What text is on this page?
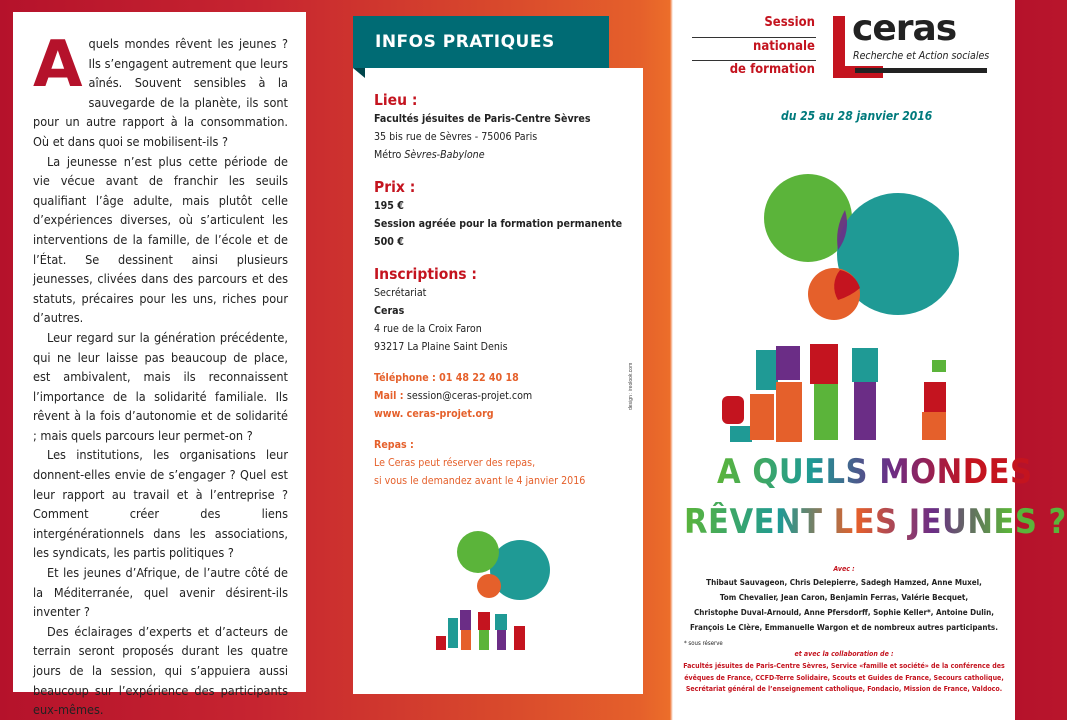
Aquels mondes rêvent les jeunes ? Ils s’engagent autrement que leurs aînés. Souvent sensibles à la sauvegarde de la planète, ils sont pour un autre rapport à la consommation. Où et dans quoi se mobilisent-ils ?

La jeunesse n’est plus cette période de vie vécue avant de franchir les seuils qualifiant l’âge adulte, mais plutôt celle d’expériences diverses, où s’articulent les interventions de la famille, de l’école et de l’État. Se dessinent ainsi plusieurs jeunesses, clivées dans des parcours et des statuts, précaires pour les uns, riches pour d’autres.

Leur regard sur la génération précédente, qui ne leur laisse pas beaucoup de place, est ambivalent, mais ils reconnaissent l’importance de la solidarité familiale. Ils rêvent à la fois d’autonomie et de solidarité ; mais quels parcours leur permet-on ?

Les institutions, les organisations leur donnent-elles envie de s’engager ? Quel est leur rapport au travail et à l’entreprise ? Comment créer des liens intergénérationnels dans les associations, les syndicats, les partis politiques ?

Et les jeunes d’Afrique, de l’autre côté de la Méditerranée, quel avenir désirent-ils inventer ?

Des éclairages d’experts et d’acteurs de terrain seront proposés durant les quatre jours de la session, qui s’appuiera aussi beaucoup sur l’expérience des participants eux-mêmes.

Lieu :
Facultés jésuites de Paris-Centre Sèvres
35 bis rue de Sèvres - 75006 Paris
Métro Sèvres-Babylone
Prix :
195 €
Session agréée pour la formation permanente
500 €
Inscriptions :
Secrétariat
Ceras
4 rue de la Croix Faron
93217 La Plaine Saint Denis
Téléphone : 01 48 22 40 18
Mail : session@ceras-projet.com
www. ceras-projet.org
Repas :
Le Ceras peut réserver des repas,
si vous le demandez avant le 4 janvier 2016
INFOS PRATIQUES
design : ireolook.com
Session
nationale
de formation
ceras
Recherche et Action sociales
du 25 au 28 janvier 2016
A QUELS MONDES
RÊVENT LES JEUNES ?
Avec :
Thibaut Sauvageon, Chris Delepierre, Sadegh Hamzed, Anne Muxel,
Tom Chevalier, Jean Caron, Benjamin Ferras, Valérie Becquet,
Christophe Duval-Arnould, Anne Pfersdorff, Sophie Keller*, Antoine Dulin,
François Le Clère, Emmanuelle Wargon et de nombreux autres participants.
* sous réserve
et avec la collaboration de :
Facultés jésuites de Paris-Centre Sèvres, Service «famille et société» de la conférence des
évêques de France, CCFD-Terre Solidaire, Scouts et Guides de France, Secours catholique,
Secrétariat général de l’enseignement catholique, Fondacio, Mission de France, Valdoco.
